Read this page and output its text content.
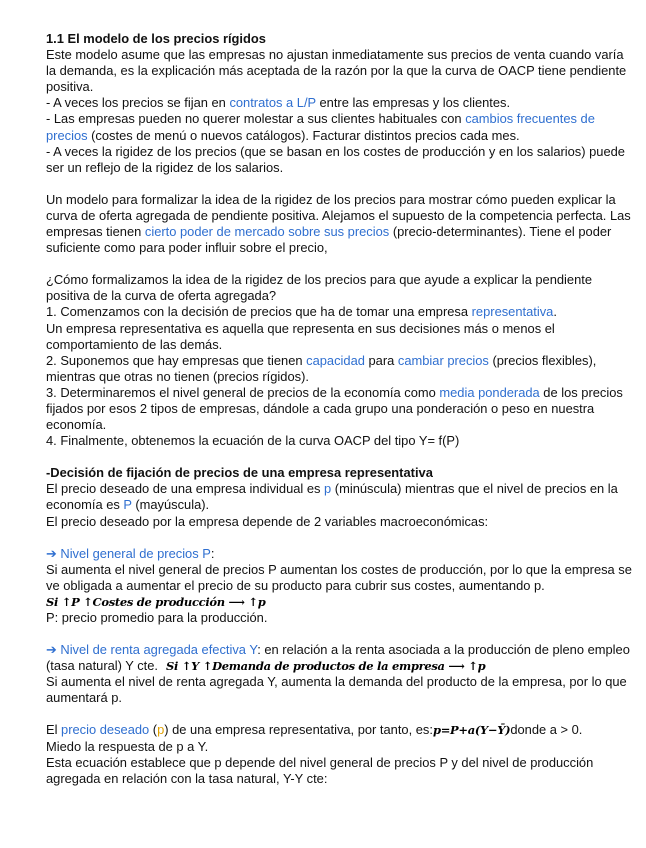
1.1 El modelo de los precios rígidos

Este modelo asume que las empresas no ajustan inmediatamente sus precios de venta cuando varía la demanda, es la explicación más aceptada de la razón por la que la curva de OACP tiene pendiente positiva.

- A veces los precios se fijan en contratos a L/P entre las empresas y los clientes.

- Las empresas pueden no querer molestar a sus clientes habituales con cambios frecuentes de precios (costes de menú o nuevos catálogos). Facturar distintos precios cada mes.

- A veces la rigidez de los precios (que se basan en los costes de producción y en los salarios) puede ser un reflejo de la rigidez de los salarios.

Un modelo para formalizar la idea de la rigidez de los precios para mostrar cómo pueden explicar la curva de oferta agregada de pendiente positiva. Alejamos el supuesto de la competencia perfecta. Las empresas tienen cierto poder de mercado sobre sus precios (precio-determinantes). Tiene el poder suficiente como para poder influir sobre el precio,

¿Cómo formalizamos la idea de la rigidez de los precios para que ayude a explicar la pendiente positiva de la curva de oferta agregada?

1. Comenzamos con la decisión de precios que ha de tomar una empresa representativa.

Un empresa representativa es aquella que representa en sus decisiones más o menos el comportamiento de las demás.

2. Suponemos que hay empresas que tienen capacidad para cambiar precios (precios flexibles), mientras que otras no tienen (precios rígidos).

3. Determinaremos el nivel general de precios de la economía como media ponderada de los precios fijados por esos 2 tipos de empresas, dándole a cada grupo una ponderación o peso en nuestra economía.

4. Finalmente, obtenemos la ecuación de la curva OACP del tipo Y= f(P)

-Decisión de fijación de precios de una empresa representativa

El precio deseado de una empresa individual es p (minúscula) mientras que el nivel de precios en la economía es P (mayúscula).

El precio deseado por la empresa depende de 2 variables macroeconómicas:

➔ Nivel general de precios P:

Si aumenta el nivel general de precios P aumentan los costes de producción, por lo que la empresa se ve obligada a aumentar el precio de su producto para cubrir sus costes, aumentando p. Si ↑P ↑Costes de producción ⟶ ↑p

P: precio promedio para la producción.

➔ Nivel de renta agregada efectiva Y: en relación a la renta asociada a la producción de pleno empleo (tasa natural) Y cte. Si ↑Y ↑Demanda de productos de la empresa ⟶ ↑p

Si aumenta el nivel de renta agregada Y, aumenta la demanda del producto de la empresa, por lo que aumentará p.

El precio deseado (p) de una empresa representativa, por tanto, es:p=P+a(Y−Ȳ)donde a > 0.

Miedo la respuesta de p a Y.

Esta ecuación establece que p depende del nivel general de precios P y del nivel de producción agregada en relación con la tasa natural, Y-Y cte:
